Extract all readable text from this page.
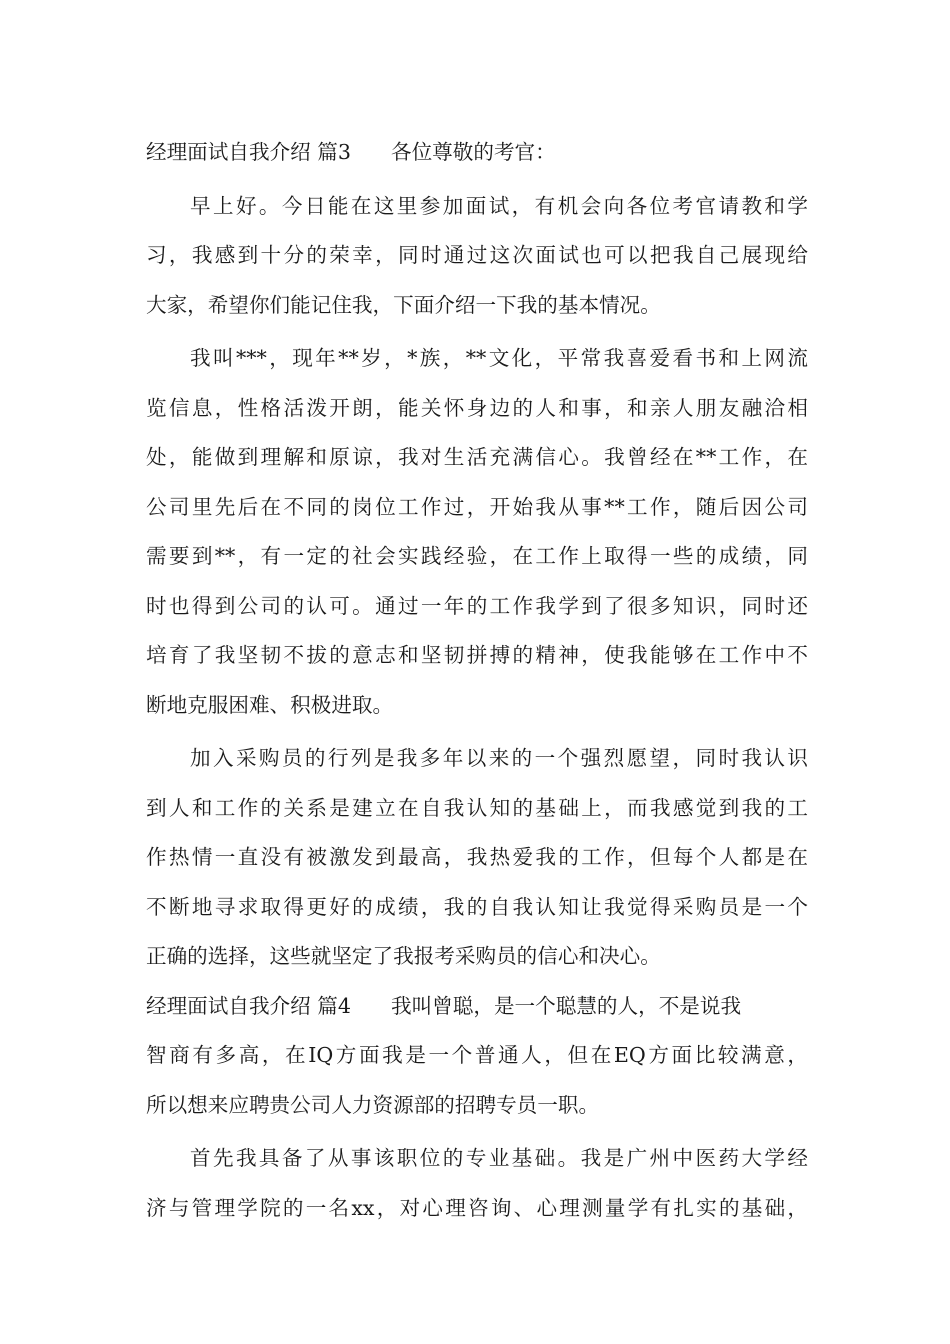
经理面试自我介绍 篇3 各位尊敬的考官：
早上好。今日能在这里参加面试，有机会向各位考官请教和学
习，我感到十分的荣幸，同时通过这次面试也可以把我自己展现给
大家，希望你们能记住我，下面介绍一下我的基本情况。
我叫***，现年**岁，*族，**文化，平常我喜爱看书和上网流
览信息，性格活泼开朗，能关怀身边的人和事，和亲人朋友融洽相
处，能做到理解和原谅，我对生活充满信心。我曾经在**工作，在
公司里先后在不同的岗位工作过，开始我从事**工作，随后因公司
需要到**，有一定的社会实践经验，在工作上取得一些的成绩，同
时也得到公司的认可。通过一年的工作我学到了很多知识，同时还
培育了我坚韧不拔的意志和坚韧拼搏的精神，使我能够在工作中不
断地克服困难、积极进取。
加入采购员的行列是我多年以来的一个强烈愿望，同时我认识
到人和工作的关系是建立在自我认知的基础上，而我感觉到我的工
作热情一直没有被激发到最高，我热爱我的工作，但每个人都是在
不断地寻求取得更好的成绩，我的自我认知让我觉得采购员是一个
正确的选择，这些就坚定了我报考采购员的信心和决心。
经理面试自我介绍 篇4 我叫曾聪，是一个聪慧的人，不是说我
智商有多高，在IQ方面我是一个普通人，但在EQ方面比较满意，
所以想来应聘贵公司人力资源部的招聘专员一职。
首先我具备了从事该职位的专业基础。我是广州中医药大学经
济与管理学院的一名xx，对心理咨询、心理测量学有扎实的基础，
